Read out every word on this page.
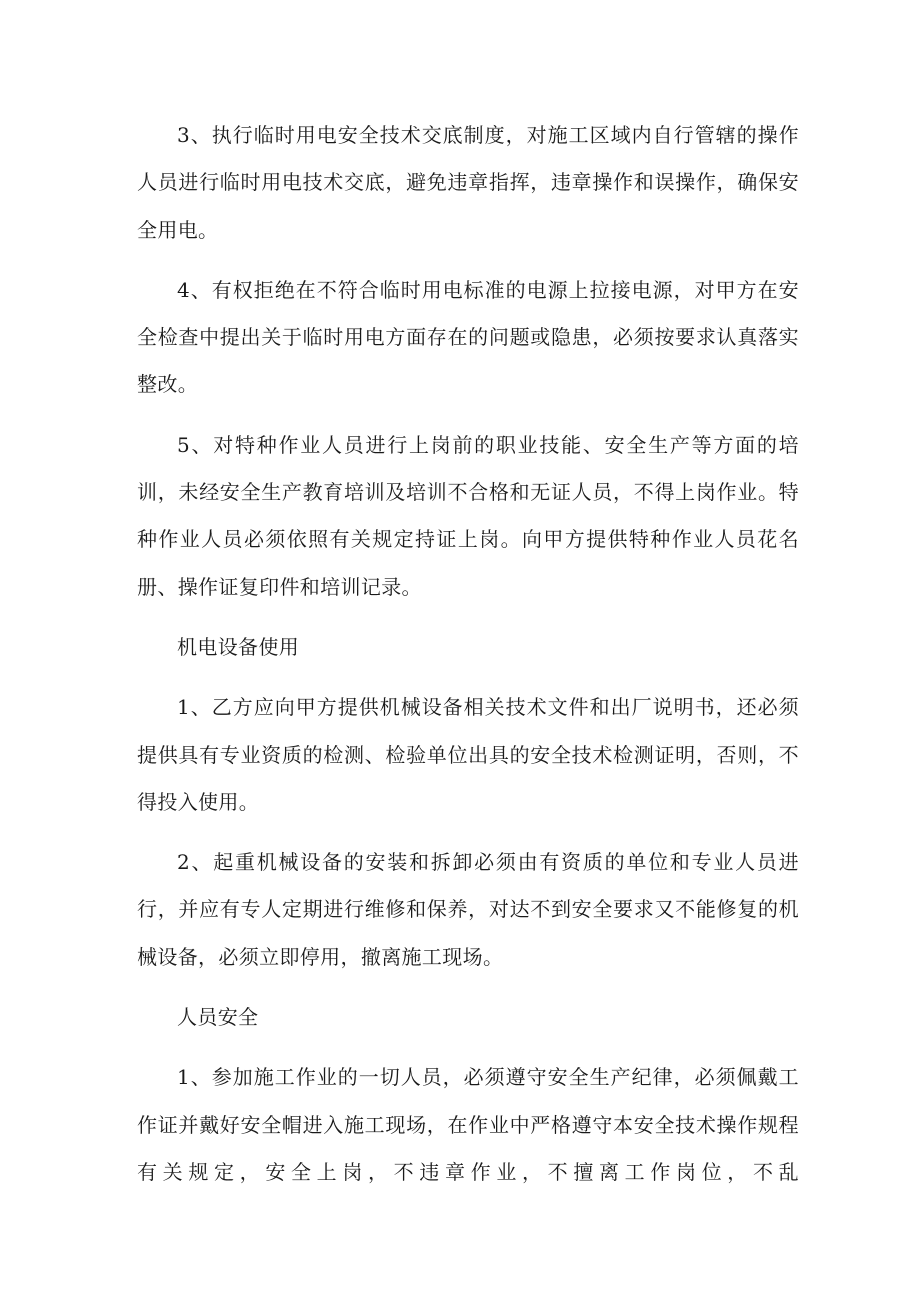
3、执行临时用电安全技术交底制度，对施工区域内自行管辖的操作人员进行临时用电技术交底，避免违章指挥，违章操作和误操作，确保安全用电。

4、有权拒绝在不符合临时用电标准的电源上拉接电源，对甲方在安全检查中提出关于临时用电方面存在的问题或隐患，必须按要求认真落实整改。

5、对特种作业人员进行上岗前的职业技能、安全生产等方面的培训，未经安全生产教育培训及培训不合格和无证人员，不得上岗作业。特种作业人员必须依照有关规定持证上岗。向甲方提供特种作业人员花名册、操作证复印件和培训记录。

机电设备使用

1、乙方应向甲方提供机械设备相关技术文件和出厂说明书，还必须提供具有专业资质的检测、检验单位出具的安全技术检测证明，否则，不得投入使用。

2、起重机械设备的安装和拆卸必须由有资质的单位和专业人员进行，并应有专人定期进行维修和保养，对达不到安全要求又不能修复的机械设备，必须立即停用，撤离施工现场。

人员安全

1、参加施工作业的一切人员，必须遵守安全生产纪律，必须佩戴工作证并戴好安全帽进入施工现场，在作业中严格遵守本安全技术操作规程有关规定，安全上岗，不违章作业，不擅离工作岗位，不乱
